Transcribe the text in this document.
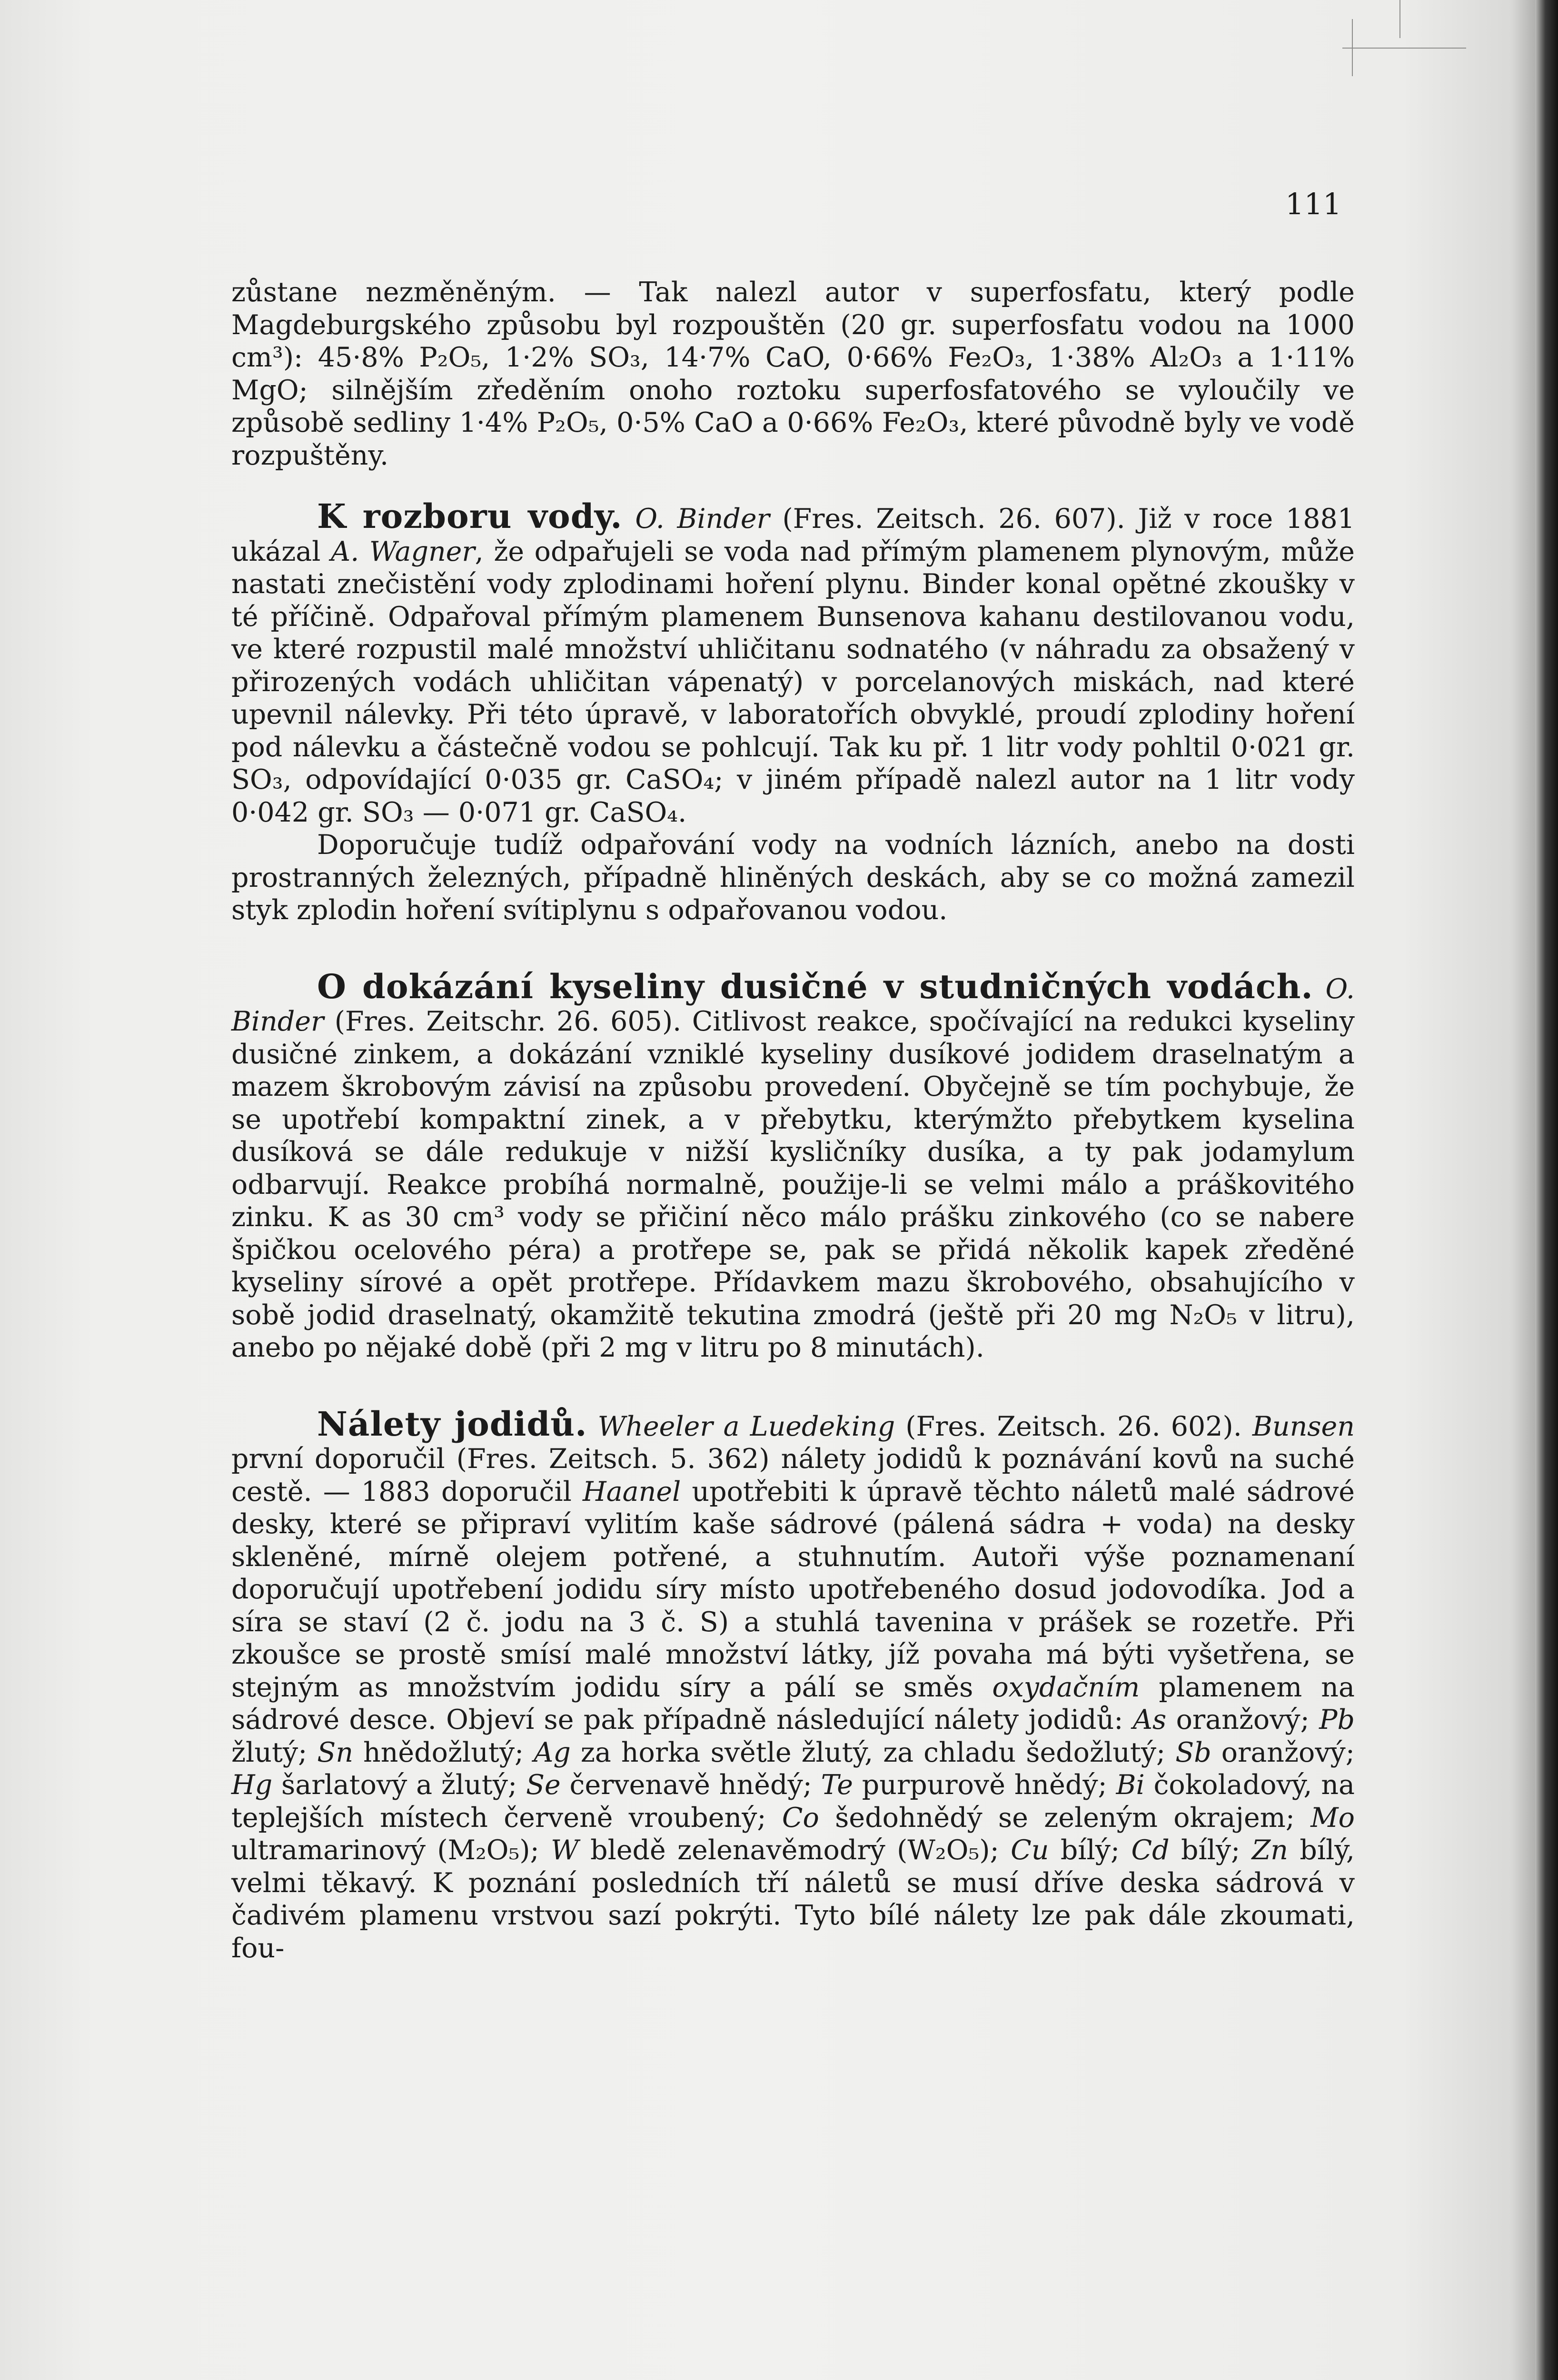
111

zůstane nezměněným. — Tak nalezl autor v superfosfatu, který podle Magdeburgského způsobu byl rozpouštěn (20 gr. superfosfatu vodou na 1000 cm³): 45·8% P₂O₅, 1·2% SO₃, 14·7% CaO, 0·66% Fe₂O₃, 1·38% Al₂O₃ a 1·11% MgO; silnějším zředěním onoho roztoku superfosfatového se vyloučily ve způsobě sedliny 1·4% P₂O₅, 0·5% CaO a 0·66% Fe₂O₃, které původně byly ve vodě rozpuštěny.

K rozboru vody. O. Binder (Fres. Zeitsch. 26. 607). Již v roce 1881 ukázal A. Wagner, že odpařujeli se voda nad přímým plamenem plynovým, může nastati znečistění vody zplodinami hoření plynu. Binder konal opětné zkoušky v té příčině. Odpařoval přímým plamenem Bunsenova kahanu destilovanou vodu, ve které rozpustil malé množství uhličitanu sodnatého (v náhradu za obsažený v přirozených vodách uhličitan vápenatý) v porcelanových miskách, nad které upevnil nálevky. Při této úpravě, v laboratořích obvyklé, proudí zplodiny hoření pod nálevku a částečně vodou se pohlcují. Tak ku př. 1 litr vody pohltil 0·021 gr. SO₃, odpovídající 0·035 gr. CaSO₄; v jiném případě nalezl autor na 1 litr vody 0·042 gr. SO₃ — 0·071 gr. CaSO₄.

Doporučuje tudíž odpařování vody na vodních lázních, anebo na dosti prostranných železných, případně hliněných deskách, aby se co možná zamezil styk zplodin hoření svítiplynu s odpařovanou vodou.

O dokázání kyseliny dusičné v studničných vodách. O. Binder (Fres. Zeitschr. 26. 605). Citlivost reakce, spočívající na redukci kyseliny dusičné zinkem, a dokázání vzniklé kyseliny dusíkové jodidem draselnatým a mazem škrobovým závisí na způsobu provedení. Obyčejně se tím pochybuje, že se upotřebí kompaktní zinek, a v přebytku, kterýmžto přebytkem kyselina dusíková se dále redukuje v nižší kysličníky dusíka, a ty pak jodamylum odbarvují. Reakce probíhá normalně, použije-li se velmi málo a práškovitého zinku. K as 30 cm³ vody se přičiní něco málo prášku zinkového (co se nabere špičkou ocelového péra) a protřepe se, pak se přidá několik kapek zředěné kyseliny sírové a opět protřepe. Přídavkem mazu škrobového, obsahujícího v sobě jodid draselnatý, okamžitě tekutina zmodrá (ještě při 20 mg N₂O₅ v litru), anebo po nějaké době (při 2 mg v litru po 8 minutách).

Nálety jodidů. Wheeler a Luedeking (Fres. Zeitsch. 26. 602). Bunsen první doporučil (Fres. Zeitsch. 5. 362) nálety jodidů k poznávání kovů na suché cestě. — 1883 doporučil Haanel upotřebiti k úpravě těchto náletů malé sádrové desky, které se připraví vylitím kaše sádrové (pálená sádra + voda) na desky skleněné, mírně olejem potřené, a stuhnutím. Autoři výše poznamenaní doporučují upotřebení jodidu síry místo upotřebeného dosud jodovodíka. Jod a síra se staví (2 č. jodu na 3 č. S) a stuhlá tavenina v prášek se rozetře. Při zkoušce se prostě smísí malé množství látky, jíž povaha má býti vyšetřena, se stejným as množstvím jodidu síry a pálí se směs oxydačním plamenem na sádrové desce. Objeví se pak případně následující nálety jodidů: As oranžový; Pb žlutý; Sn hnědožlutý; Ag za horka světle žlutý, za chladu šedožlutý; Sb oranžový; Hg šarlatový a žlutý; Se červenavě hnědý; Te purpurově hnědý; Bi čokoladový, na teplejších místech červeně vroubený; Co šedohnědý se zeleným okrajem; Mo ultramarinový (M₂O₅); W bledě zelenavěmodrý (W₂O₅); Cu bílý; Cd bílý; Zn bílý, velmi těkavý. K poznání posledních tří náletů se musí dříve deska sádrová v čadivém plamenu vrstvou sazí pokrýti. Tyto bílé nálety lze pak dále zkoumati, fou-
